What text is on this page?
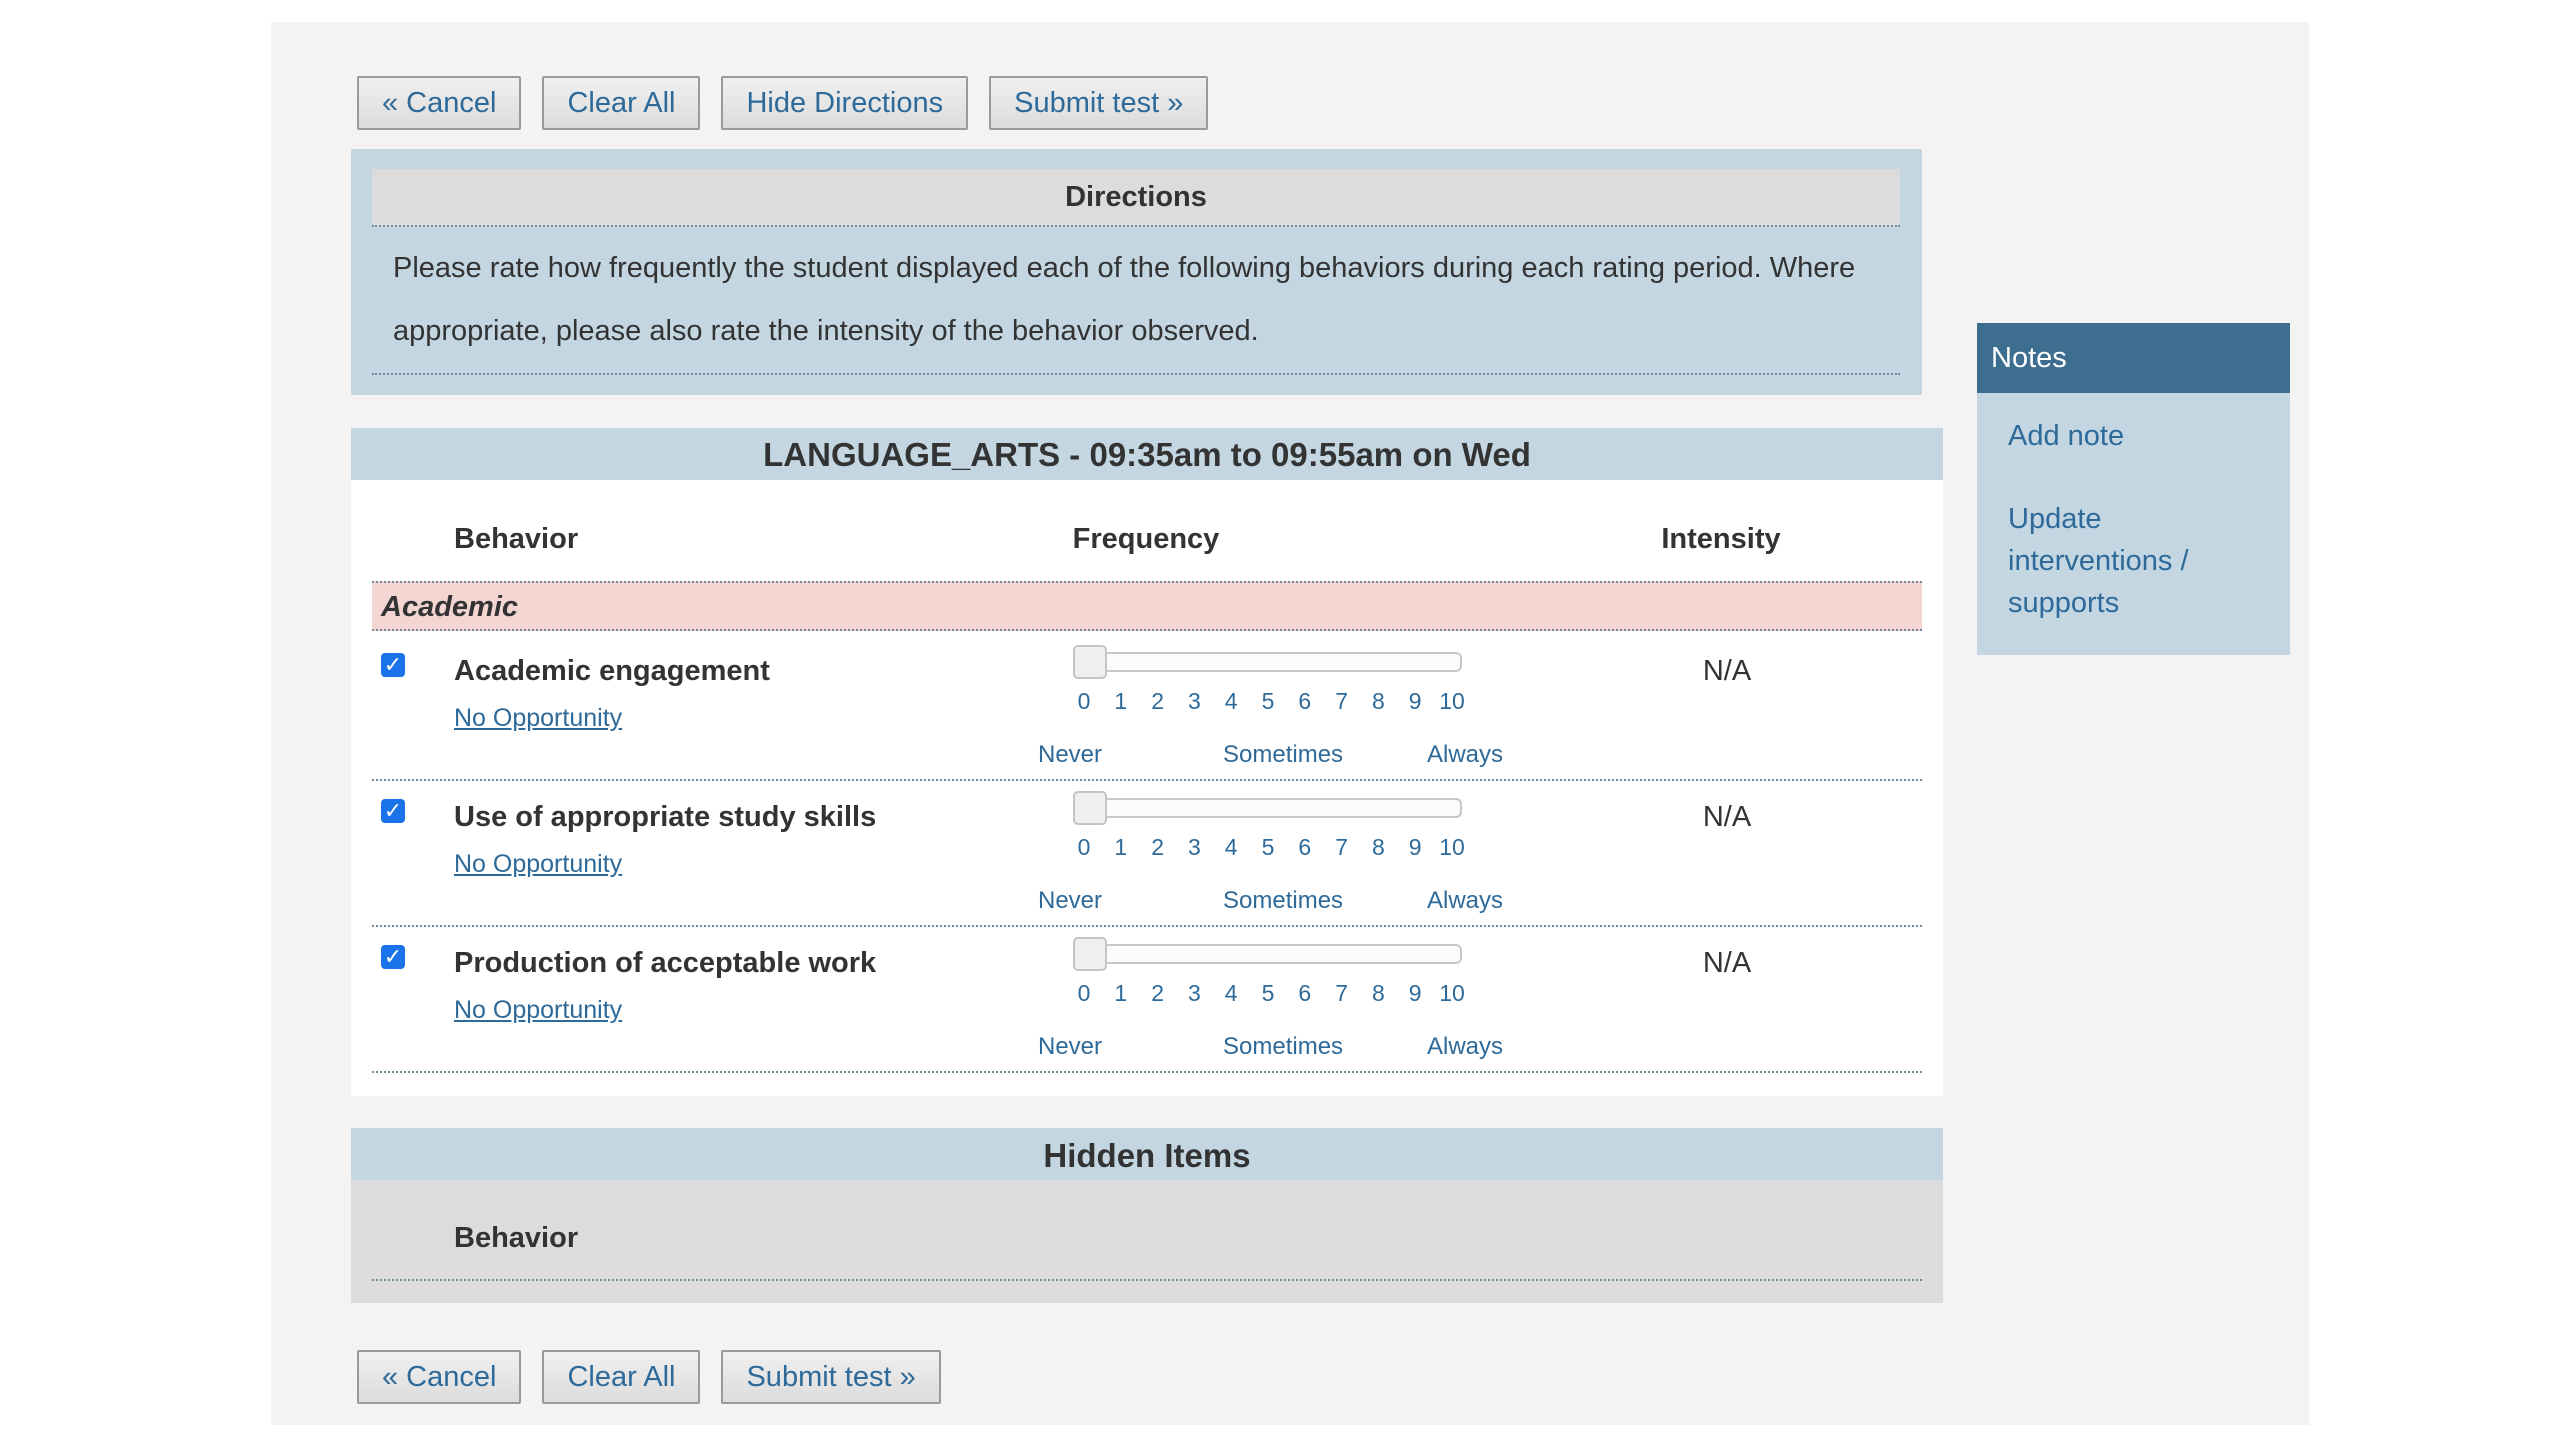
« Cancel	Clear All	Hide Directions	Submit test »
Directions
Please rate how frequently the student displayed each of the following behaviors during each rating period. Where appropriate, please also rate the intensity of the behavior observed.
LANGUAGE_ARTS - 09:35am to 09:55am on Wed
Behavior	Frequency	Intensity
Academic
✓ Academic engagement
No Opportunity
0	1	2	3	4	5	6	7	8	9 10
Never	Sometimes	Always
N/A
✓ Use of appropriate study skills
No Opportunity
0	1	2	3	4	5	6	7	8	9 10
Never	Sometimes	Always
N/A
✓ Production of acceptable work
No Opportunity
0	1	2	3	4	5	6	7	8	9 10
Never	Sometimes	Always
N/A
Hidden Items
Behavior
Notes
Add note
Update interventions / supports
« Cancel	Clear All	Submit test »
